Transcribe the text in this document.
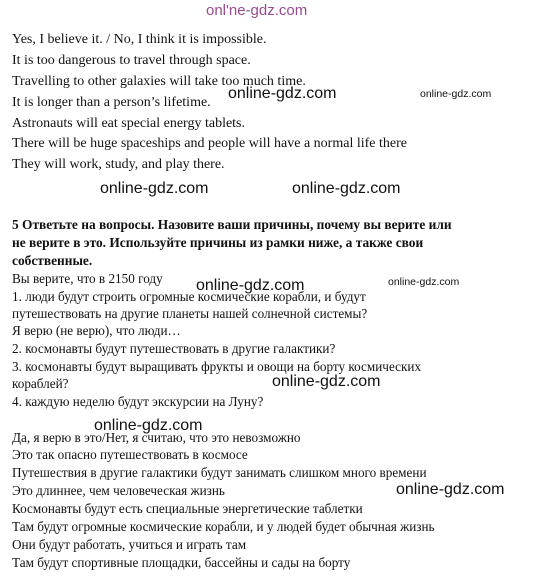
onl'ne-gdz.com
online-gdz.com	online-gdz.com
online-gdz.com	online-gdz.com
online-gdz.com	online-gdz.com
online-gdz.com
online-gdz.com
online-gdz.com
Yes, I believe it. / No, I think it is impossible.
It is too dangerous to travel through space.
Travelling to other galaxies will take too much time.
It is longer than a person’s lifetime.
Astronauts will eat special energy tablets.
There will be huge spaceships and people will have a normal life there
They will work, study, and play there.
5 Ответьте на вопросы. Назовите ваши причины, почему вы верите или
не верите в это. Используйте причины из рамки ниже, а также свои
собственные.
Вы верите, что в 2150 году
1. люди будут строить огромные космические корабли, и будут
путешествовать на другие планеты нашей солнечной системы?
Я верю (не верю), что люди…
2. космонавты будут путешествовать в другие галактики?
3. космонавты будут выращивать фрукты и овощи на борту космических
кораблей?
4. каждую неделю будут экскурсии на Луну?
Да, я верю в это/Нет, я считаю, что это невозможно
Это так опасно путешествовать в космосе
Путешествия в другие галактики будут занимать слишком много времени
Это длиннее, чем человеческая жизнь
Космонавты будут есть специальные энергетические таблетки
Там будут огромные космические корабли, и у людей будет обычная жизнь
Они будут работать, учиться и играть там
Там будут спортивные площадки, бассейны и сады на борту
